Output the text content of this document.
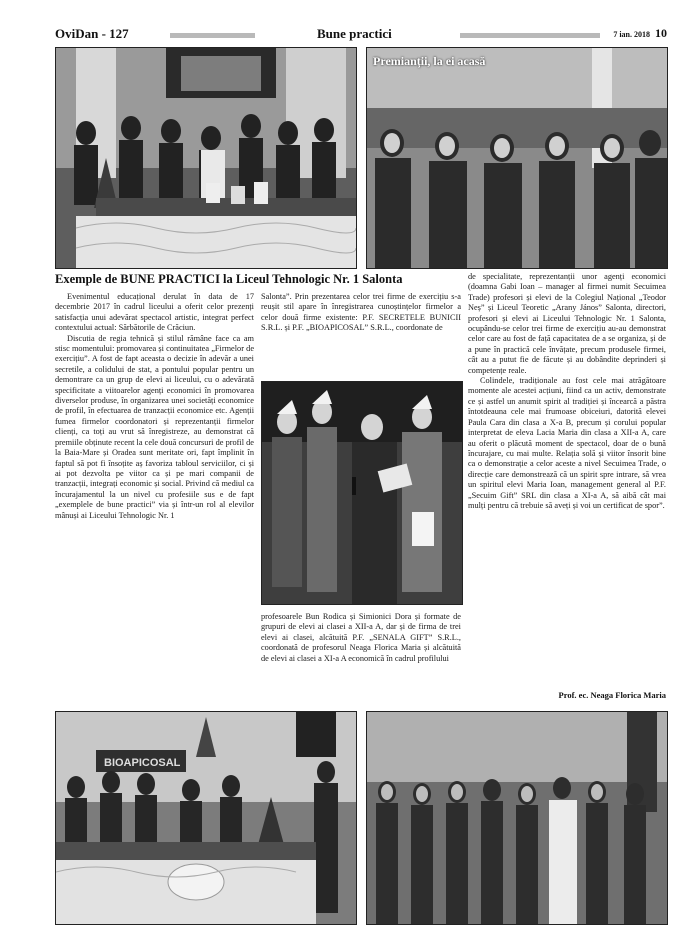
OviDan - 127	Bune practici	7 ian. 2018 10
Premianții, la ei acasă
Exemple de BUNE PRACTICI la Liceul Tehnologic Nr. 1 Salonta

Evenimentul educațional derulat în data de 17 decembrie 2017 în cadrul liceului a oferit celor prezenți satisfacția unui adevărat spectacol artistic, integrat perfect contextului actual: Sărbătorile de Crăciun.

Discutia de regia tehnică și stilul rămâne face ca am stisc momentului: promovarea și continuitatea „Firmelor de exercițiu”. A fost de fapt aceasta o decizie în adevăr a unei secretile, a colidului de stat, a pontului popular pentru un demontrare ca un grup de elevi ai liceului, cu o adevărată specificitate a viitoarelor agenți economici în promovarea diverselor produse, în organizarea unei societăți economice de profil, în efectuarea de tranzacții economice etc. Agenții fumea firmelor coordonatori și reprezentanții firmelor clienți, ca toți au vrut să înregistreze, au demonstrat că premiile obținute recent la cele două concursuri de profil de la Baia-Mare și Oradea sunt meritate ori, fapt împlinit în faptul să pot fi însoțite aș favoriza tabloul serviciilor, ci și ai pot dezvolta pe viitor ca și pe mari companii de tranzacții, integrați economic și social. Privind că mediul ca încurajamentul la un nivel cu profesiile sus e de fapt „exemplele de bune practici” via și într-un rol al elevilor mânuși ai Liceului Tehnologic Nr. 1

Salonta”. Prin prezentarea celor trei firme de exercițiu s-a reușit stil apare în înregistrarea cunoștințelor firmelor a celor două firme existente: P.F. SECRETELE BUNICII S.R.L. și P.F. „BIOAPICOSAL” S.R.L., coordonate de

profesoarele Bun Rodica și Simionici Dora și formate de grupuri de elevi ai clasei a XII-a A, dar și de firma de trei elevi ai clasei, alcătuită P.F. „SENALA GIFT” S.R.L., coordonată de profesorul Neaga Florica Maria și alcătuită de elevi ai clasei a XI-a A economică în cadrul profilului

de specialitate, reprezentanții unor agenți economici (doamna Gabi Ioan – manager al firmei numit Secuimea Trade) profesori și elevi de la Colegiul Național „Teodor Neș” și Liceul Teoretic „Arany János” Salonta, directori, profesori și elevi ai Liceului Tehnologic Nr. 1 Salonta, ocupându-se celor trei firme de exercițiu au-au demonstrat celor care au fost de față capacitatea de a se organiza, și de a pune în practică cele învățate, precum produsele firmei, cât au a putut fie de făcute și au dobândite deprinderi și competențe reale.

Colindele, tradiționale au fost cele mai atrăgătoare momente ale acestei acțiuni, fiind ca un activ, demonstrate ce și astfel un anumit spirit al tradiției și încearcă a păstra întotdeauna cele mai frumoase obiceiuri, datorită elevei Paula Cara din clasa a X-a B, precum și corului popular interpretat de eleva Lacia Maria din clasa a XII-a A, care au oferit o plăcută moment de spectacol, doar de o bună încurajare, cu mai multe. Relația solă și viitor însorit bine ca o demonstrație a celor aceste a nivel Secuimea Trade, o direcție care demonstrează că un spirit spre intrare, să vrea un spiritul elevi Maria Ioan, management general al P.F. „Secuim Gift” SRL din clasa a XI-a A, să aibă cât mai mulți pentru că trebuie să aveți și voi un certificat de spor”.

Prof. ec. Neaga Florica Maria
BIOAPICOSAL
